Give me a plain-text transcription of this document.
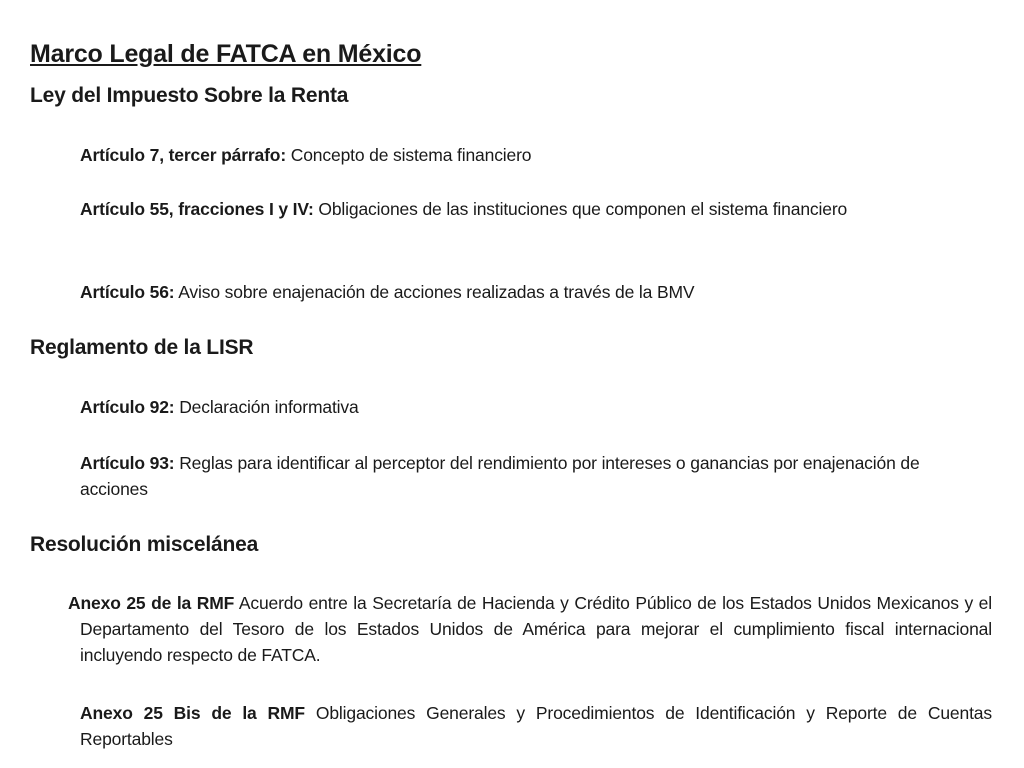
Marco Legal de FATCA en México
Ley del Impuesto Sobre la Renta
Artículo 7, tercer párrafo: Concepto de sistema financiero
Artículo 55, fracciones I y IV: Obligaciones de las instituciones que componen el sistema financiero
Artículo 56: Aviso sobre enajenación de acciones realizadas a través de la BMV
Reglamento de la LISR
Artículo 92: Declaración informativa
Artículo 93: Reglas para identificar al perceptor del rendimiento por intereses o ganancias por enajenación de acciones
Resolución miscelánea
Anexo 25 de la RMF Acuerdo entre la Secretaría de Hacienda y Crédito Público de los Estados Unidos Mexicanos y el Departamento del Tesoro de los Estados Unidos de América para mejorar el cumplimiento fiscal internacional incluyendo respecto de FATCA.
Anexo 25 Bis de la RMF Obligaciones Generales y Procedimientos de Identificación y Reporte de Cuentas Reportables
